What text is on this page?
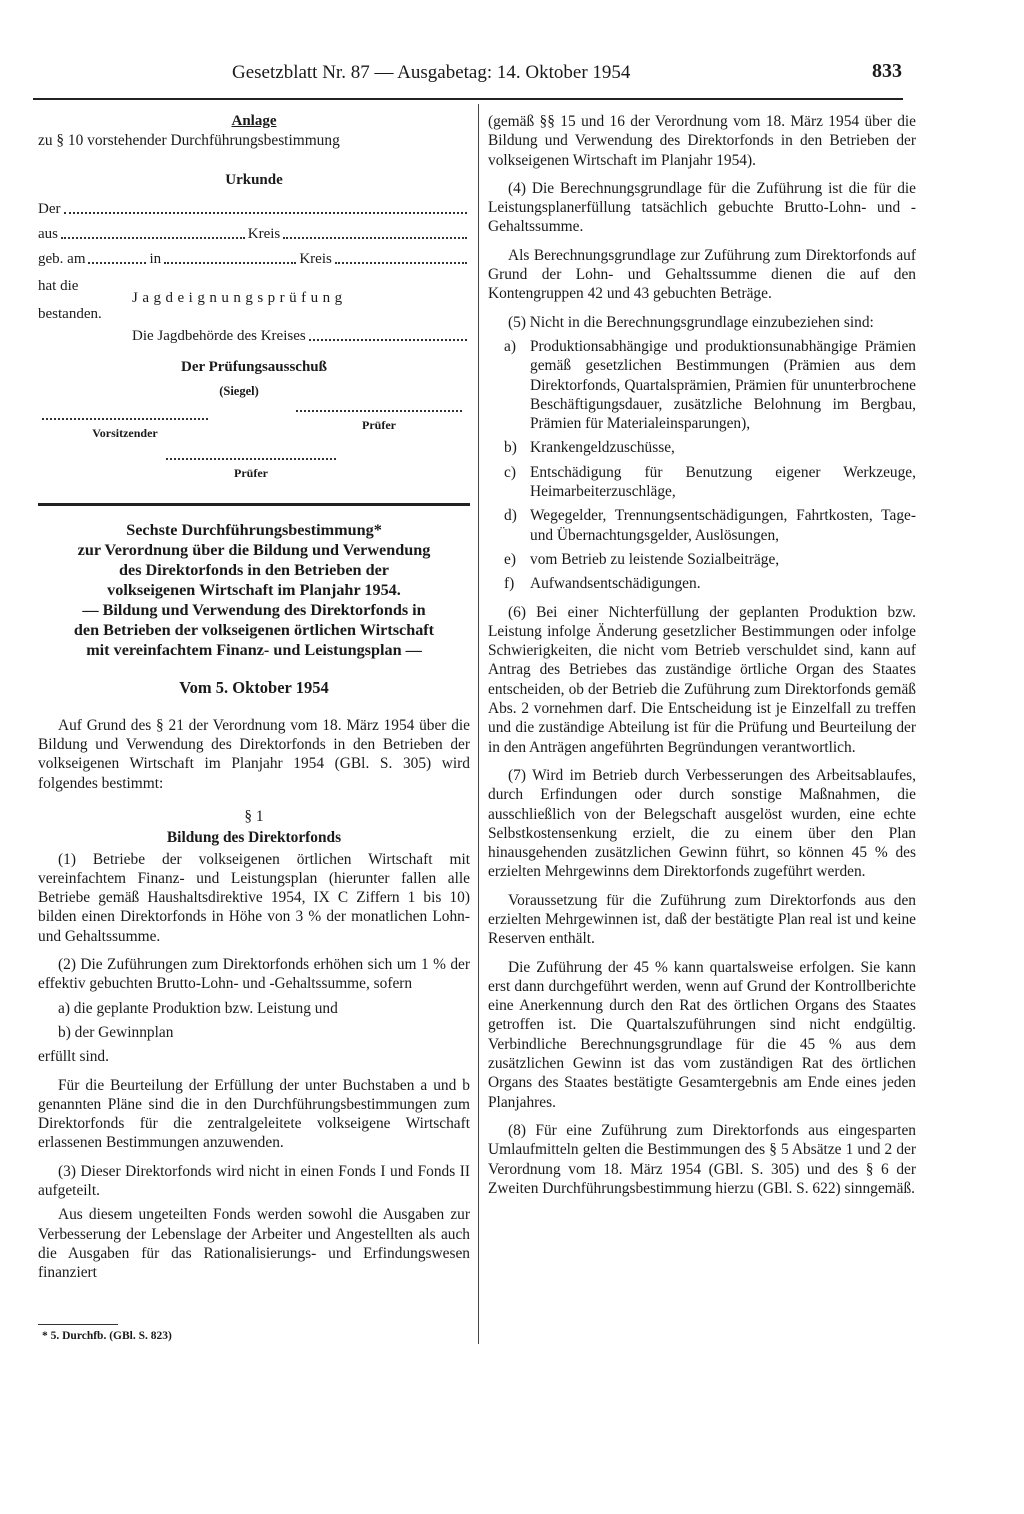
Gesetzblatt Nr. 87 — Ausgabetag: 14. Oktober 1954	833
Anlage

zu § 10 vorstehender Durchführungsbestimmung

Urkunde
Der
aus	Kreis
geb. am	in	Kreis
hat die
Jagdeignungsprüfung
bestanden.
Die Jagdbehörde des Kreises
Der Prüfungsausschuß
(Siegel)
Vorsitzender
Prüfer
Prüfer
Sechste Durchführungsbestimmung*
zur Verordnung über die Bildung und Verwendung
des Direktorfonds in den Betrieben der
volkseigenen Wirtschaft im Planjahr 1954.
— Bildung und Verwendung des Direktorfonds in
den Betrieben der volkseigenen örtlichen Wirtschaft
mit vereinfachtem Finanz- und Leistungsplan —
Vom 5. Oktober 1954

Auf Grund des § 21 der Verordnung vom 18. März 1954 über die Bildung und Verwendung des Direktorfonds in den Betrieben der volkseigenen Wirtschaft im Planjahr 1954 (GBl. S. 305) wird folgendes bestimmt:

§ 1
Bildung des Direktorfonds

(1) Betriebe der volkseigenen örtlichen Wirtschaft mit vereinfachtem Finanz- und Leistungsplan (hierunter fallen alle Betriebe gemäß Haushaltsdirektive 1954, IX C Ziffern 1 bis 10) bilden einen Direktorfonds in Höhe von 3 % der monatlichen Lohn- und Gehaltssumme.

(2) Die Zuführungen zum Direktorfonds erhöhen sich um 1 % der effektiv gebuchten Brutto-Lohn- und -Gehaltssumme, sofern

a) die geplante Produktion bzw. Leistung und

b) der Gewinnplan

erfüllt sind.

Für die Beurteilung der Erfüllung der unter Buchstaben a und b genannten Pläne sind die in den Durchführungsbestimmungen zum Direktorfonds für die zentralgeleitete volkseigene Wirtschaft erlassenen Bestimmungen anzuwenden.

(3) Dieser Direktorfonds wird nicht in einen Fonds I und Fonds II aufgeteilt.

Aus diesem ungeteilten Fonds werden sowohl die Ausgaben zur Verbesserung der Lebenslage der Arbeiter und Angestellten als auch die Ausgaben für das Rationalisierungs- und Erfindungswesen finanziert

* 5. Durchfb. (GBl. S. 823)

(gemäß §§ 15 und 16 der Verordnung vom 18. März 1954 über die Bildung und Verwendung des Direktorfonds in den Betrieben der volkseigenen Wirtschaft im Planjahr 1954).

(4) Die Berechnungsgrundlage für die Zuführung ist die für die Leistungsplanerfüllung tatsächlich gebuchte Brutto-Lohn- und -Gehaltssumme.

Als Berechnungsgrundlage zur Zuführung zum Direktorfonds auf Grund der Lohn- und Gehaltssumme dienen die auf den Kontengruppen 42 und 43 gebuchten Beträge.

(5) Nicht in die Berechnungsgrundlage einzubeziehen sind:

a) Produktionsabhängige und produktionsunabhängige Prämien gemäß gesetzlichen Bestimmungen (Prämien aus dem Direktorfonds, Quartalsprämien, Prämien für ununterbrochene Beschäftigungsdauer, zusätzliche Belohnung im Bergbau, Prämien für Materialeinsparungen),
b) Krankengeldzuschüsse,
c) Entschädigung für Benutzung eigener Werkzeuge, Heimarbeiterzuschläge,
d) Wegegelder, Trennungsentschädigungen, Fahrtkosten, Tage- und Übernachtungsgelder, Auslösungen,
e) vom Betrieb zu leistende Sozialbeiträge,
f)	Aufwandsentschädigungen.

(6) Bei einer Nichterfüllung der geplanten Produktion bzw. Leistung infolge Änderung gesetzlicher Bestimmungen oder infolge Schwierigkeiten, die nicht vom Betrieb verschuldet sind, kann auf Antrag des Betriebes das zuständige örtliche Organ des Staates entscheiden, ob der Betrieb die Zuführung zum Direktorfonds gemäß Abs. 2 vornehmen darf. Die Entscheidung ist je Einzelfall zu treffen und die zuständige Abteilung ist für die Prüfung und Beurteilung der in den Anträgen angeführten Begründungen verantwortlich.

(7) Wird im Betrieb durch Verbesserungen des Arbeitsablaufes, durch Erfindungen oder durch sonstige Maßnahmen, die ausschließlich von der Belegschaft ausgelöst wurden, eine echte Selbstkostensenkung erzielt, die zu einem über den Plan hinausgehenden zusätzlichen Gewinn führt, so können 45 % des erzielten Mehrgewinns dem Direktorfonds zugeführt werden.

Voraussetzung für die Zuführung zum Direktorfonds aus den erzielten Mehrgewinnen ist, daß der bestätigte Plan real ist und keine Reserven enthält.

Die Zuführung der 45 % kann quartalsweise erfolgen. Sie kann erst dann durchgeführt werden, wenn auf Grund der Kontrollberichte eine Anerkennung durch den Rat des örtlichen Organs des Staates getroffen ist. Die Quartalszuführungen sind nicht endgültig. Verbindliche Berechnungsgrundlage für die 45 % aus dem zusätzlichen Gewinn ist das vom zuständigen Rat des örtlichen Organs des Staates bestätigte Gesamtergebnis am Ende eines jeden Planjahres.

(8) Für eine Zuführung zum Direktorfonds aus eingesparten Umlaufmitteln gelten die Bestimmungen des § 5 Absätze 1 und 2 der Verordnung vom 18. März 1954 (GBl. S. 305) und des § 6 der Zweiten Durchführungsbestimmung hierzu (GBl. S. 622) sinngemäß.
